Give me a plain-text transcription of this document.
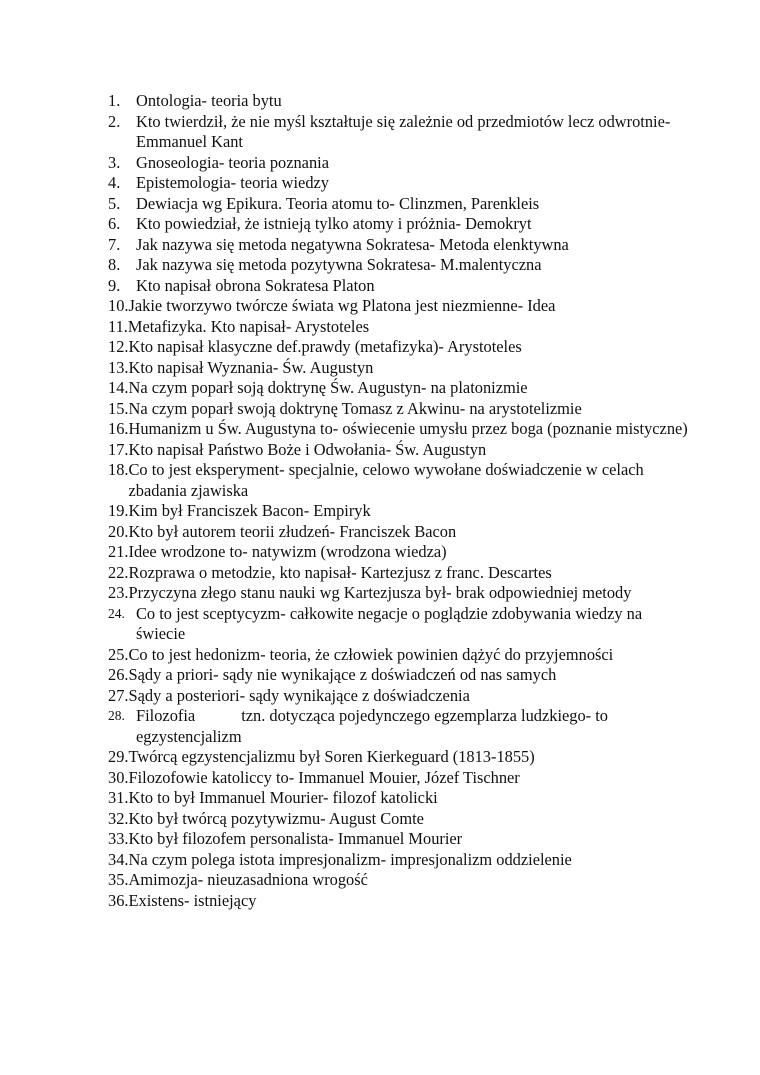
1. Ontologia- teoria bytu
2. Kto twierdził, że nie myśl kształtuje się zależnie od przedmiotów lecz odwrotnie- Emmanuel Kant
3. Gnoseologia- teoria poznania
4. Epistemologia- teoria wiedzy
5. Dewiacja wg Epikura. Teoria atomu to- Clinzmen, Parenkleis
6. Kto powiedział, że istnieją tylko atomy i próżnia- Demokryt
7. Jak nazywa się metoda negatywna Sokratesa- Metoda elenktywna
8. Jak nazywa się metoda pozytywna Sokratesa- M.malentyczna
9. Kto napisał obrona Sokratesa Platon
10. Jakie tworzywo twórcze świata wg Platona jest niezmienne- Idea
11. Metafizyka. Kto napisał- Arystoteles
12. Kto napisał klasyczne def.prawdy (metafizyka)- Arystoteles
13. Kto napisał Wyznania- Św. Augustyn
14. Na czym poparł soją doktrynę Św. Augustyn- na platonizmie
15. Na czym poparł swoją doktrynę Tomasz z Akwinu- na arystotelizmie
16. Humanizm u Św. Augustyna to- oświecenie umysłu przez boga (poznanie mistyczne)
17. Kto napisał Państwo Boże i Odwołania- Św. Augustyn
18. Co to jest eksperyment- specjalnie, celowo wywołane doświadczenie w celach zbadania zjawiska
19. Kim był Franciszek Bacon- Empiryk
20. Kto był autorem teorii złudzeń- Franciszek Bacon
21. Idee wrodzone to- natywizm (wrodzona wiedza)
22. Rozprawa o metodzie, kto napisał- Kartezjusz z franc. Descartes
23. Przyczyna złego stanu nauki wg Kartezjusza był- brak odpowiedniej metody
24. Co to jest sceptycyzm- całkowite negacje o poglądzie zdobywania wiedzy na świecie
25. Co to jest hedonizm- teoria, że człowiek powinien dążyć do przyjemności
26. Sądy a priori- sądy nie wynikające z doświadczeń od nas samych
27. Sądy a posteriori- sądy wynikające z doświadczenia
28. Filozofia	tzn. dotycząca pojedynczego egzemplarza ludzkiego- to egzystencjalizm
29. Twórcą egzystencjalizmu był Soren Kierkeguard (1813-1855)
30. Filozofowie katoliccy to- Immanuel Mouier, Józef Tischner
31. Kto to był Immanuel Mourier- filozof katolicki
32. Kto był twórcą pozytywizmu- August Comte
33. Kto był filozofem personalista- Immanuel Mourier
34. Na czym polega istota impresjonalizm- impresjonalizm oddzielenie
35. Amimozja- nieuzasadniona wrogość
36. Existens- istniejący
